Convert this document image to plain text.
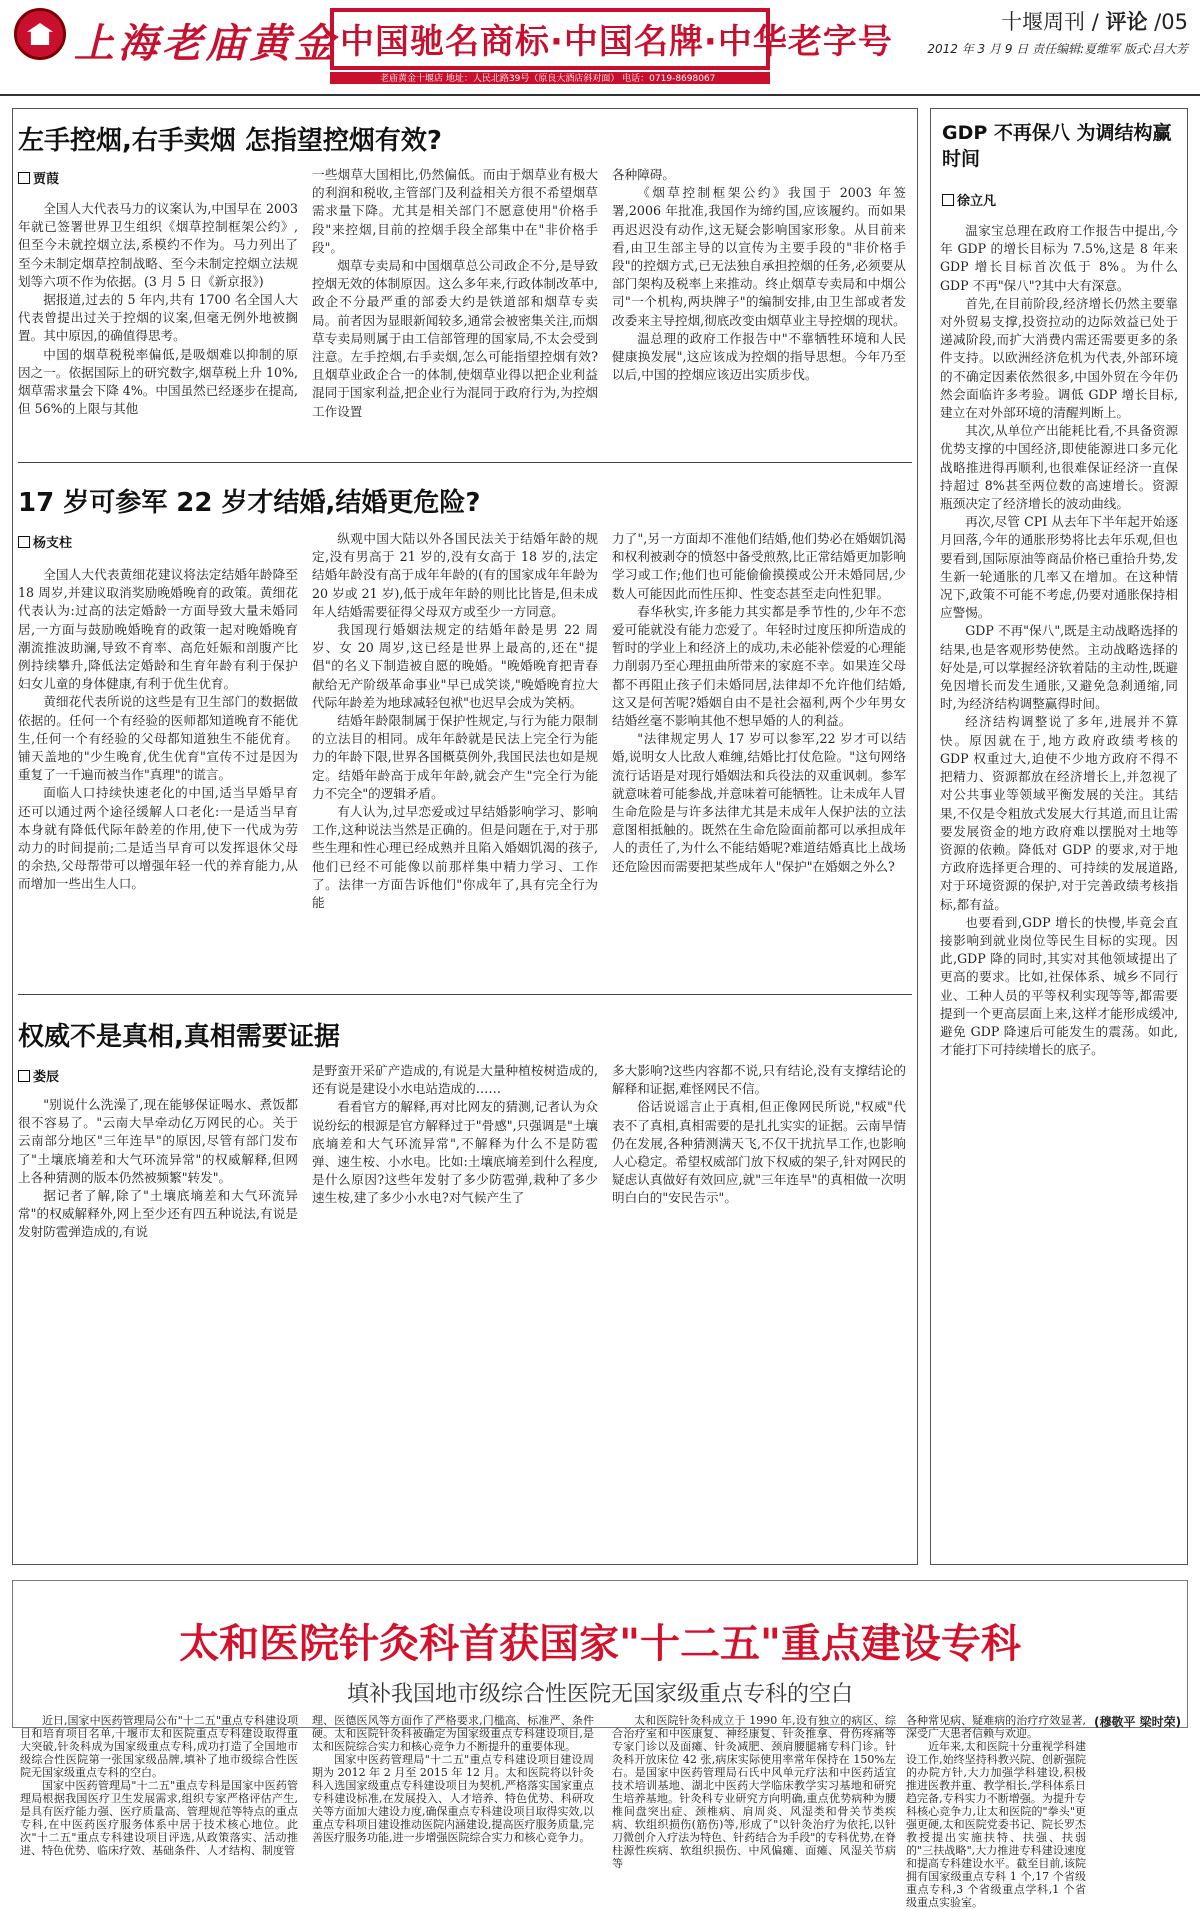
上海老庙黄金 中国驰名商标·中国名牌·中华老字号
老庙黄金十堰店 地址：人民北路39号（原良大酒店斜对面） 电话：0719-8698067
十堰周刊 / 评论 /05
2012 年 3 月 9 日 责任编辑:夏维军 版式:吕大芳
左手控烟,右手卖烟 怎指望控烟有效?
贾葭

全国人大代表马力的议案认为,中国早在 2003 年就已签署世界卫生组织《烟草控制框架公约》,但至今未就控烟立法,系模约不作为。马力列出了至今未制定烟草控制战略、至今未制定控烟立法规划等六项不作为依据。(3 月 5 日《新京报》)

据报道,过去的 5 年内,共有 1700 名全国人大代表曾提出过关于控烟的议案,但毫无例外地被搁置。其中原因,的确值得思考。

中国的烟草税税率偏低,是吸烟难以抑制的原因之一。依据国际上的研究数字,烟草税上升 10%,烟草需求量会下降 4%。中国虽然已经逐步在提高,但 56%的上限与其他

一些烟草大国相比,仍然偏低。而由于烟草业有极大的利润和税收,主管部门及利益相关方很不希望烟草需求量下降。尤其是相关部门不愿意使用"价格手段"来控烟,目前的控烟手段全部集中在"非价格手段"。

烟草专卖局和中国烟草总公司政企不分,是导致控烟无效的体制原因。这么多年来,行政体制改革中,政企不分最严重的部委大约是铁道部和烟草专卖局。前者因为显眼新闻较多,通常会被密集关注,而烟草专卖局则属于由工信部管理的国家局,不太会受到注意。左手控烟,右手卖烟,怎么可能指望控烟有效?且烟草业政企合一的体制,使烟草业得以把企业利益混同于国家利益,把企业行为混同于政府行为,为控烟工作设置

各种障碍。

《烟草控制框架公约》我国于 2003 年签署,2006 年批准,我国作为缔约国,应该履约。而如果再迟迟没有动作,这无疑会影响国家形象。从目前来看,由卫生部主导的以宣传为主要手段的"非价格手段"的控烟方式,已无法独自承担控烟的任务,必须要从部门架构及税率上来推动。终止烟草专卖局和中烟公司"一个机构,两块牌子"的编制安排,由卫生部或者发改委来主导控烟,彻底改变由烟草业主导控烟的现状。

温总理的政府工作报告中"不靠牺牲环境和人民健康换发展",这应该成为控烟的指导思想。今年乃至以后,中国的控烟应该迈出实质步伐。

17 岁可参军 22 岁才结婚,结婚更危险?
杨支柱

全国人大代表黄细花建议将法定结婚年龄降至 18 周岁,并建议取消奖励晚婚晚育的政策。黄细花代表认为:过高的法定婚龄一方面导致大量未婚同居,一方面与鼓励晚婚晚育的政策一起对晚婚晚育潮流推波助澜,导致不育率、高危妊娠和剖腹产比例持续攀升,降低法定婚龄和生育年龄有利于保护妇女儿童的身体健康,有利于优生优育。

黄细花代表所说的这些是有卫生部门的数据做依据的。任何一个有经验的医师都知道晚育不能优生,任何一个有经验的父母都知道独生不能优育。铺天盖地的"少生晚育,优生优育"宣传不过是因为重复了一千遍而被当作"真理"的谎言。

面临人口持续快速老化的中国,适当早婚早育还可以通过两个途径缓解人口老化:一是适当早育本身就有降低代际年龄差的作用,使下一代成为劳动力的时间提前;二是适当早育可以发挥退休父母的余热,父母帮带可以增强年轻一代的养育能力,从而增加一些出生人口。

纵观中国大陆以外各国民法关于结婚年龄的规定,没有男高于 21 岁的,没有女高于 18 岁的,法定结婚年龄没有高于成年年龄的(有的国家成年年龄为 20 岁或 21 岁),低于成年年龄的则比比皆是,但未成年人结婚需要征得父母双方或至少一方同意。

我国现行婚姻法规定的结婚年龄是男 22 周岁、女 20 周岁,这已经是世界上最高的,还在"提倡"的名义下制造被自愿的晚婚。"晚婚晚育把青春献给无产阶级革命事业"早已成笑谈,"晚婚晚育拉大代际年龄差为地球减轻包袱"也迟早会成为笑柄。

结婚年龄限制属于保护性规定,与行为能力限制的立法目的相同。成年年龄就是民法上完全行为能力的年龄下限,世界各国概莫例外,我国民法也如是规定。结婚年龄高于成年年龄,就会产生"完全行为能力不完全"的逻辑矛盾。

有人认为,过早恋爱或过早结婚影响学习、影响工作,这种说法当然是正确的。但是问题在于,对于那些生理和性心理已经成熟并且陷入婚姻饥渴的孩子,他们已经不可能像以前那样集中精力学习、工作了。法律一方面告诉他们"你成年了,具有完全行为能

力了",另一方面却不准他们结婚,他们势必在婚姻饥渴和权利被剥夺的愤怒中备受煎熬,比正常结婚更加影响学习或工作;他们也可能偷偷摸摸或公开未婚同居,少数人可能因此而性压抑、性变态甚至走向性犯罪。

春华秋实,许多能力其实都是季节性的,少年不恋爱可能就没有能力恋爱了。年轻时过度压抑所造成的暂时的学业上和经济上的成功,未必能补偿爱的心理能力削弱乃至心理扭曲所带来的家庭不幸。如果连父母都不再阻止孩子们未婚同居,法律却不允许他们结婚,这又是何苦呢?婚姻自由不是社会福利,两个少年男女结婚丝毫不影响其他不想早婚的人的利益。

"法律规定男人 17 岁可以参军,22 岁才可以结婚,说明女人比敌人难缠,结婚比打仗危险。"这句网络流行话语是对现行婚姻法和兵役法的双重讽刺。参军就意味着可能参战,并意味着可能牺牲。让未成年人冒生命危险是与许多法律尤其是未成年人保护法的立法意图相抵触的。既然在生命危险面前都可以承担成年人的责任了,为什么不能结婚呢?难道结婚真比上战场还危险因而需要把某些成年人"保护"在婚姻之外么?

权威不是真相,真相需要证据
娄辰

"别说什么洗澡了,现在能够保证喝水、煮饭都很不容易了。"云南大旱牵动亿万网民的心。关于云南部分地区"三年连旱"的原因,尽管有部门发布了"土壤底墒差和大气环流异常"的权威解释,但网上各种猜测的版本仍然被频繁"转发"。

据记者了解,除了"土壤底墒差和大气环流异常"的权威解释外,网上至少还有四五种说法,有说是发射防雹弹造成的,有说

是野蛮开采矿产造成的,有说是大量种植桉树造成的,还有说是建设小水电站造成的……

看看官方的解释,再对比网友的猜测,记者认为众说纷纭的根源是官方解释过于"骨感",只强调是"土壤底墒差和大气环流异常",不解释为什么不是防雹弹、速生桉、小水电。比如:土壤底墒差到什么程度,是什么原因?这些年发射了多少防雹弹,栽种了多少速生桉,建了多少小水电?对气候产生了

多大影响?这些内容都不说,只有结论,没有支撑结论的解释和证据,难怪网民不信。

俗话说谣言止于真相,但正像网民所说,"权威"代表不了真相,真相需要的是扎扎实实的证据。云南旱情仍在发展,各种猜测满天飞,不仅干扰抗旱工作,也影响人心稳定。希望权威部门放下权威的架子,针对网民的疑虑认真做好有效回应,就"三年连旱"的真相做一次明明白白的"安民告示"。

GDP 不再保八 为调结构赢时间
徐立凡

温家宝总理在政府工作报告中提出,今年 GDP 的增长目标为 7.5%,这是 8 年来 GDP 增长目标首次低于 8%。为什么 GDP 不再"保八"?其中大有深意。

首先,在目前阶段,经济增长仍然主要靠对外贸易支撑,投资拉动的边际效益已处于递减阶段,而扩大消费内需还需要更多的条件支持。以欧洲经济危机为代表,外部环境的不确定因素依然很多,中国外贸在今年仍然会面临许多考验。调低 GDP 增长目标,建立在对外部环境的清醒判断上。

其次,从单位产出能耗比看,不具备资源优势支撑的中国经济,即使能源进口多元化战略推进得再顺利,也很难保证经济一直保持超过 8%甚至两位数的高速增长。资源瓶颈决定了经济增长的波动曲线。

再次,尽管 CPI 从去年下半年起开始逐月回落,今年的通胀形势将比去年乐观,但也要看到,国际原油等商品价格已重拾升势,发生新一轮通胀的几率又在增加。在这种情况下,政策不可能不考虑,仍要对通胀保持相应警惕。

GDP 不再"保八",既是主动战略选择的结果,也是客观形势使然。主动战略选择的好处是,可以掌握经济软着陆的主动性,既避免因增长而发生通胀,又避免急刹通缩,同时,为经济结构调整赢得时间。

经济结构调整说了多年,进展并不算快。原因就在于,地方政府政绩考核的 GDP 权重过大,迫使不少地方政府不得不把精力、资源都放在经济增长上,并忽视了对公共事业等领域平衡发展的关注。其结果,不仅是令粗放式发展大行其道,而且让需要发展资金的地方政府难以摆脱对土地等资源的依赖。降低对 GDP 的要求,对于地方政府选择更合理的、可持续的发展道路,对于环境资源的保护,对于完善政绩考核指标,都有益。

也要看到,GDP 增长的快慢,毕竟会直接影响到就业岗位等民生目标的实现。因此,GDP 降的同时,其实对其他领域提出了更高的要求。比如,社保体系、城乡不同行业、工种人员的平等权利实现等等,都需要提到一个更高层面上来,这样才能形成缓冲,避免 GDP 降速后可能发生的震荡。如此,才能打下可持续增长的底子。

太和医院针灸科首获国家"十二五"重点建设专科
填补我国地市级综合性医院无国家级重点专科的空白

近日,国家中医药管理局公布"十二五"重点专科建设项目和培育项目名单,十堰市太和医院重点专科建设取得重大突破,针灸科成为国家级重点专科,成功打造了全国地市级综合性医院第一张国家级品牌,填补了地市级综合性医院无国家级重点专科的空白。

国家中医药管理局"十二五"重点专科是国家中医药管理局根据我国医疗卫生发展需求,组织专家严格评估产生,是具有医疗能力强、医疗质量高、管理规范等特点的重点专科,在中医药医疗服务体系中居于技术核心地位。此次"十二五"重点专科建设项目评选,从政策落实、活动推进、特色优势、临床疗效、基础条件、人才结构、制度管

理、医德医风等方面作了严格要求,门槛高、标准严、条件硬。太和医院针灸科被确定为国家级重点专科建设项目,是太和医院综合实力和核心竞争力不断提升的重要体现。

国家中医药管理局"十二五"重点专科建设项目建设周期为 2012 年 2 月至 2015 年 12 月。太和医院将以针灸科入选国家级重点专科建设项目为契机,严格落实国家重点专科建设标准,在发展投入、人才培养、特色优势、科研攻关等方面加大建设力度,确保重点专科建设项目取得实效,以重点专科项目建设推动医院内涵建设,提高医疗服务质量,完善医疗服务功能,进一步增强医院综合实力和核心竞争力。

太和医院针灸科成立于 1990 年,设有独立的病区、综合治疗室和中医康复、神经康复、针灸推拿、骨伤疼痛等专家门诊以及面瘫、针灸减肥、颈肩腰腿痛专科门诊。针灸科开放床位 42 张,病床实际使用率常年保持在 150%左右。是国家中医药管理局石氏中风单元疗法和中医药适宜技术培训基地、湖北中医药大学临床教学实习基地和研究生培养基地。针灸科专业研究方向明确,重点优势病种为腰椎间盘突出症、颈椎病、肩周炎、风湿类和骨关节类疾病、软组织损伤(筋伤)等,形成了"以针灸治疗为依托,以针刀微创介入疗法为特色、针药结合为手段"的专科优势,在脊柱源性疾病、软组织损伤、中风偏瘫、面瘫、风湿关节病等

各种常见病、疑难病的治疗疗效显著,深受广大患者信赖与欢迎。

近年来,太和医院十分重视学科建设工作,始终坚持科教兴院、创新强院的办院方针,大力加强学科建设,积极推进医教并重、教学相长,学科体系日趋完备,专科实力不断增强。为提升专科核心竞争力,让太和医院的"拳头"更强更硬,太和医院党委书记、院长罗杰教授提出实施扶特、扶强、扶弱的"三扶战略",大力推进专科建设速度和提高专科建设水平。截至目前,该院拥有国家级重点专科 1 个,17 个省级重点专科,3 个省级重点学科,1 个省级重点实验室。

(穆敬平 梁时荣)
